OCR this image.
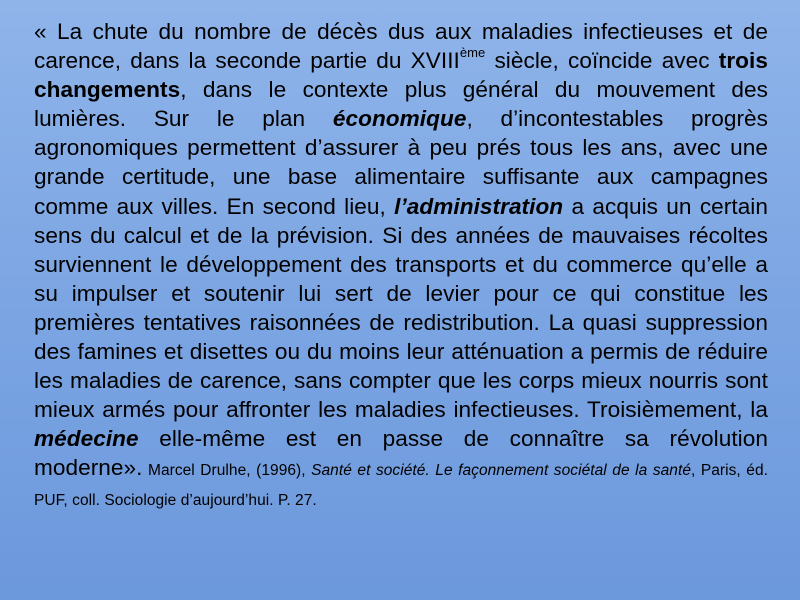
« La chute du nombre de décès dus aux maladies infectieuses et de carence, dans la seconde partie du XVIIIème siècle, coïncide avec trois changements, dans le contexte plus général du mouvement des lumières. Sur le plan économique, d’incontestables progrès agronomiques permettent d’assurer à peu prés tous les ans, avec une grande certitude, une base alimentaire suffisante aux campagnes comme aux villes. En second lieu, l’administration a acquis un certain sens du calcul et de la prévision. Si des années de mauvaises récoltes surviennent le développement des transports et du commerce qu’elle a su impulser et soutenir lui sert de levier pour ce qui constitue les premières tentatives raisonnées de redistribution. La quasi suppression des famines et disettes ou du moins leur atténuation a permis de réduire les maladies de carence, sans compter que les corps mieux nourris sont mieux armés pour affronter les maladies infectieuses. Troisièmement, la médecine elle-même est en passe de connaître sa révolution moderne». Marcel Drulhe, (1996), Santé et société. Le façonnement sociétal de la santé, Paris, éd. PUF, coll. Sociologie d’aujourd’hui. P. 27.
